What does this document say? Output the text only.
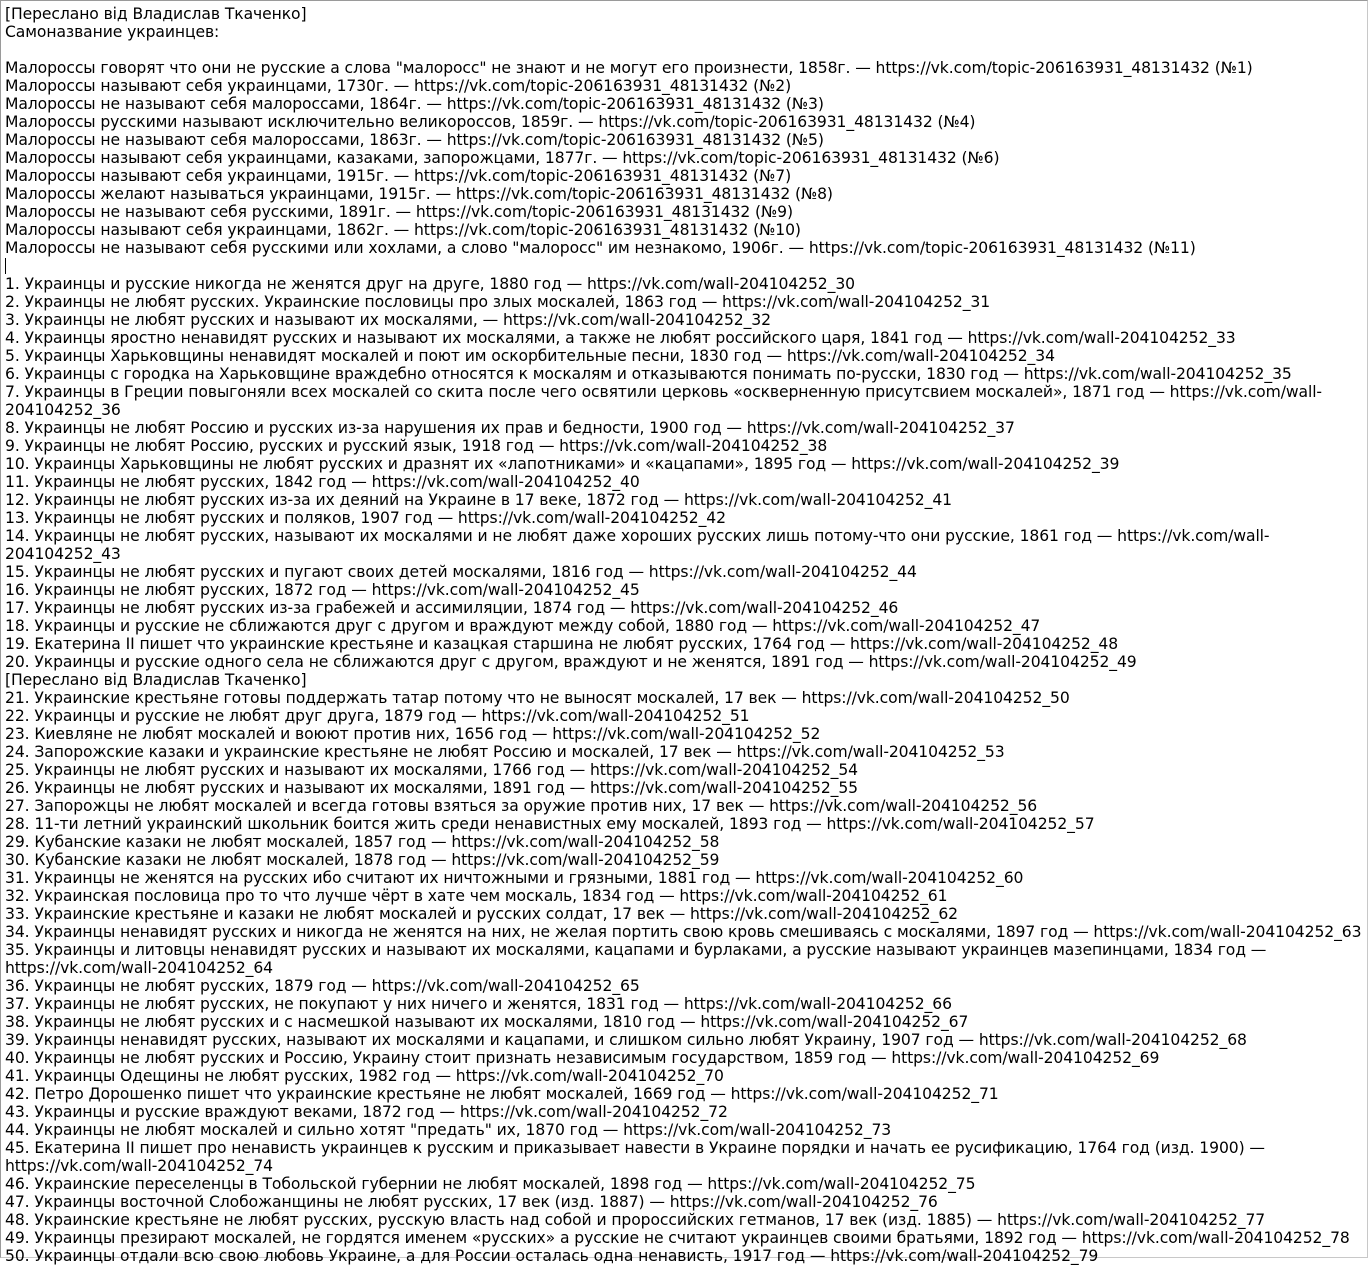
[Переслано від Владислав Ткаченко]
Самоназвание украинцев:
Малороссы говорят что они не русские а слова "малоросс" не знают и не могут его произнести, 1858г. — https://vk.com/topic-206163931_48131432 (№1)
Малороссы называют себя украинцами, 1730г. — https://vk.com/topic-206163931_48131432 (№2)
Малороссы не называют себя малороссами, 1864г. — https://vk.com/topic-206163931_48131432 (№3)
Малороссы русскими называют исключительно великороссов, 1859г. — https://vk.com/topic-206163931_48131432 (№4)
Малороссы не называют себя малороссами, 1863г. — https://vk.com/topic-206163931_48131432 (№5)
Малороссы называют себя украинцами, казаками, запорожцами, 1877г. — https://vk.com/topic-206163931_48131432 (№6)
Малороссы называют себя украинцами, 1915г. — https://vk.com/topic-206163931_48131432 (№7)
Малороссы желают называться украинцами, 1915г. — https://vk.com/topic-206163931_48131432 (№8)
Малороссы не называют себя русскими, 1891г. — https://vk.com/topic-206163931_48131432 (№9)
Малороссы называют себя украинцами, 1862г. — https://vk.com/topic-206163931_48131432 (№10)
Малороссы не называют себя русскими или хохлами, а слово "малоросс" им незнакомо, 1906г. — https://vk.com/topic-206163931_48131432 (№11)
1. Украинцы и русские никогда не женятся друг на друге, 1880 год — https://vk.com/wall-204104252_30
2. Украинцы не любят русских. Украинские пословицы про злых москалей, 1863 год — https://vk.com/wall-204104252_31
3. Украинцы не любят русских и называют их москалями, — https://vk.com/wall-204104252_32
4. Украинцы яростно ненавидят русских и называют их москалями, а также не любят российского царя, 1841 год — https://vk.com/wall-204104252_33
5. Украинцы Харьковщины ненавидят москалей и поют им оскорбительные песни, 1830 год — https://vk.com/wall-204104252_34
6. Украинцы с городка на Харьковщине враждебно относятся к москалям и отказываются понимать по-русски, 1830 год — https://vk.com/wall-204104252_35
7. Украинцы в Греции повыгоняли всех москалей со скита после чего освятили церковь «оскверненную присутсвием москалей», 1871 год — https://vk.com/wall-204104252_36
8. Украинцы не любят Россию и русских из-за нарушения их прав и бедности, 1900 год — https://vk.com/wall-204104252_37
9. Украинцы не любят Россию, русских и русский язык, 1918 год — https://vk.com/wall-204104252_38
10. Украинцы Харьковщины не любят русских и дразнят их «лапотниками» и «кацапами», 1895 год — https://vk.com/wall-204104252_39
11. Украинцы не любят русских, 1842 год — https://vk.com/wall-204104252_40
12. Украинцы не любят русских из-за их деяний на Украине в 17 веке, 1872 год — https://vk.com/wall-204104252_41
13. Украинцы не любят русских и поляков, 1907 год — https://vk.com/wall-204104252_42
14. Украинцы не любят русских, называют их москалями и не любят даже хороших русских лишь потому-что они русские, 1861 год — https://vk.com/wall-204104252_43
15. Украинцы не любят русских и пугают своих детей москалями, 1816 год — https://vk.com/wall-204104252_44
16. Украинцы не любят русских, 1872 год — https://vk.com/wall-204104252_45
17. Украинцы не любят русских из-за грабежей и ассимиляции, 1874 год — https://vk.com/wall-204104252_46
18. Украинцы и русские не сближаются друг с другом и враждуют между собой, 1880 год — https://vk.com/wall-204104252_47
19. Екатерина II пишет что украинские крестьяне и казацкая старшина не любят русских, 1764 год — https://vk.com/wall-204104252_48
20. Украинцы и русские одного села не сближаются друг с другом, враждуют и не женятся, 1891 год — https://vk.com/wall-204104252_49
[Переслано від Владислав Ткаченко]
21. Украинские крестьяне готовы поддержать татар потому что не выносят москалей, 17 век — https://vk.com/wall-204104252_50
22. Украинцы и русские не любят друг друга, 1879 год — https://vk.com/wall-204104252_51
23. Киевляне не любят москалей и воюют против них, 1656 год — https://vk.com/wall-204104252_52
24. Запорожские казаки и украинские крестьяне не любят Россию и москалей, 17 век — https://vk.com/wall-204104252_53
25. Украинцы не любят русских и называют их москалями, 1766 год — https://vk.com/wall-204104252_54
26. Украинцы не любят русских и называют их москалями, 1891 год — https://vk.com/wall-204104252_55
27. Запорожцы не любят москалей и всегда готовы взяться за оружие против них, 17 век — https://vk.com/wall-204104252_56
28. 11-ти летний украинский школьник боится жить среди ненавистных ему москалей, 1893 год — https://vk.com/wall-204104252_57
29. Кубанские казаки не любят москалей, 1857 год — https://vk.com/wall-204104252_58
30. Кубанские казаки не любят москалей, 1878 год — https://vk.com/wall-204104252_59
31. Украинцы не женятся на русских ибо считают их ничтожными и грязными, 1881 год — https://vk.com/wall-204104252_60
32. Украинская пословица про то что лучше чёрт в хате чем москаль, 1834 год — https://vk.com/wall-204104252_61
33. Украинские крестьяне и казаки не любят москалей и русских солдат, 17 век — https://vk.com/wall-204104252_62
34. Украинцы ненавидят русских и никогда не женятся на них, не желая портить свою кровь смешиваясь с москалями, 1897 год — https://vk.com/wall-204104252_63
35. Украинцы и литовцы ненавидят русских и называют их москалями, кацапами и бурлаками, а русские называют украинцев мазепинцами, 1834 год — https://vk.com/wall-204104252_64
36. Украинцы не любят русских, 1879 год — https://vk.com/wall-204104252_65
37. Украинцы не любят русских, не покупают у них ничего и женятся, 1831 год — https://vk.com/wall-204104252_66
38. Украинцы не любят русских и с насмешкой называют их москалями, 1810 год — https://vk.com/wall-204104252_67
39. Украинцы ненавидят русских, называют их москалями и кацапами, и слишком сильно любят Украину, 1907 год — https://vk.com/wall-204104252_68
40. Украинцы не любят русских и Россию, Украину стоит признать независимым государством, 1859 год — https://vk.com/wall-204104252_69
41. Украинцы Одещины не любят русских, 1982 год — https://vk.com/wall-204104252_70
42. Петро Дорошенко пишет что украинские крестьяне не любят москалей, 1669 год — https://vk.com/wall-204104252_71
43. Украинцы и русские враждуют веками, 1872 год — https://vk.com/wall-204104252_72
44. Украинцы не любят москалей и сильно хотят "предать" их, 1870 год — https://vk.com/wall-204104252_73
45. Екатерина II пишет про ненависть украинцев к русским и приказывает навести в Украине порядки и начать ее русификацию, 1764 год (изд. 1900) — https://vk.com/wall-204104252_74
46. Украинские переселенцы в Тобольской губернии не любят москалей, 1898 год — https://vk.com/wall-204104252_75
47. Украинцы восточной Слобожанщины не любят русских, 17 век (изд. 1887) — https://vk.com/wall-204104252_76
48. Украинские крестьяне не любят русских, русскую власть над собой и пророссийских гетманов, 17 век (изд. 1885) — https://vk.com/wall-204104252_77
49. Украинцы презирают москалей, не гордятся именем «русских» а русские не считают украинцев своими братьями, 1892 год — https://vk.com/wall-204104252_78
50. Украинцы отдали всю свою любовь Украине, а для России осталась одна ненависть, 1917 год — https://vk.com/wall-204104252_79
